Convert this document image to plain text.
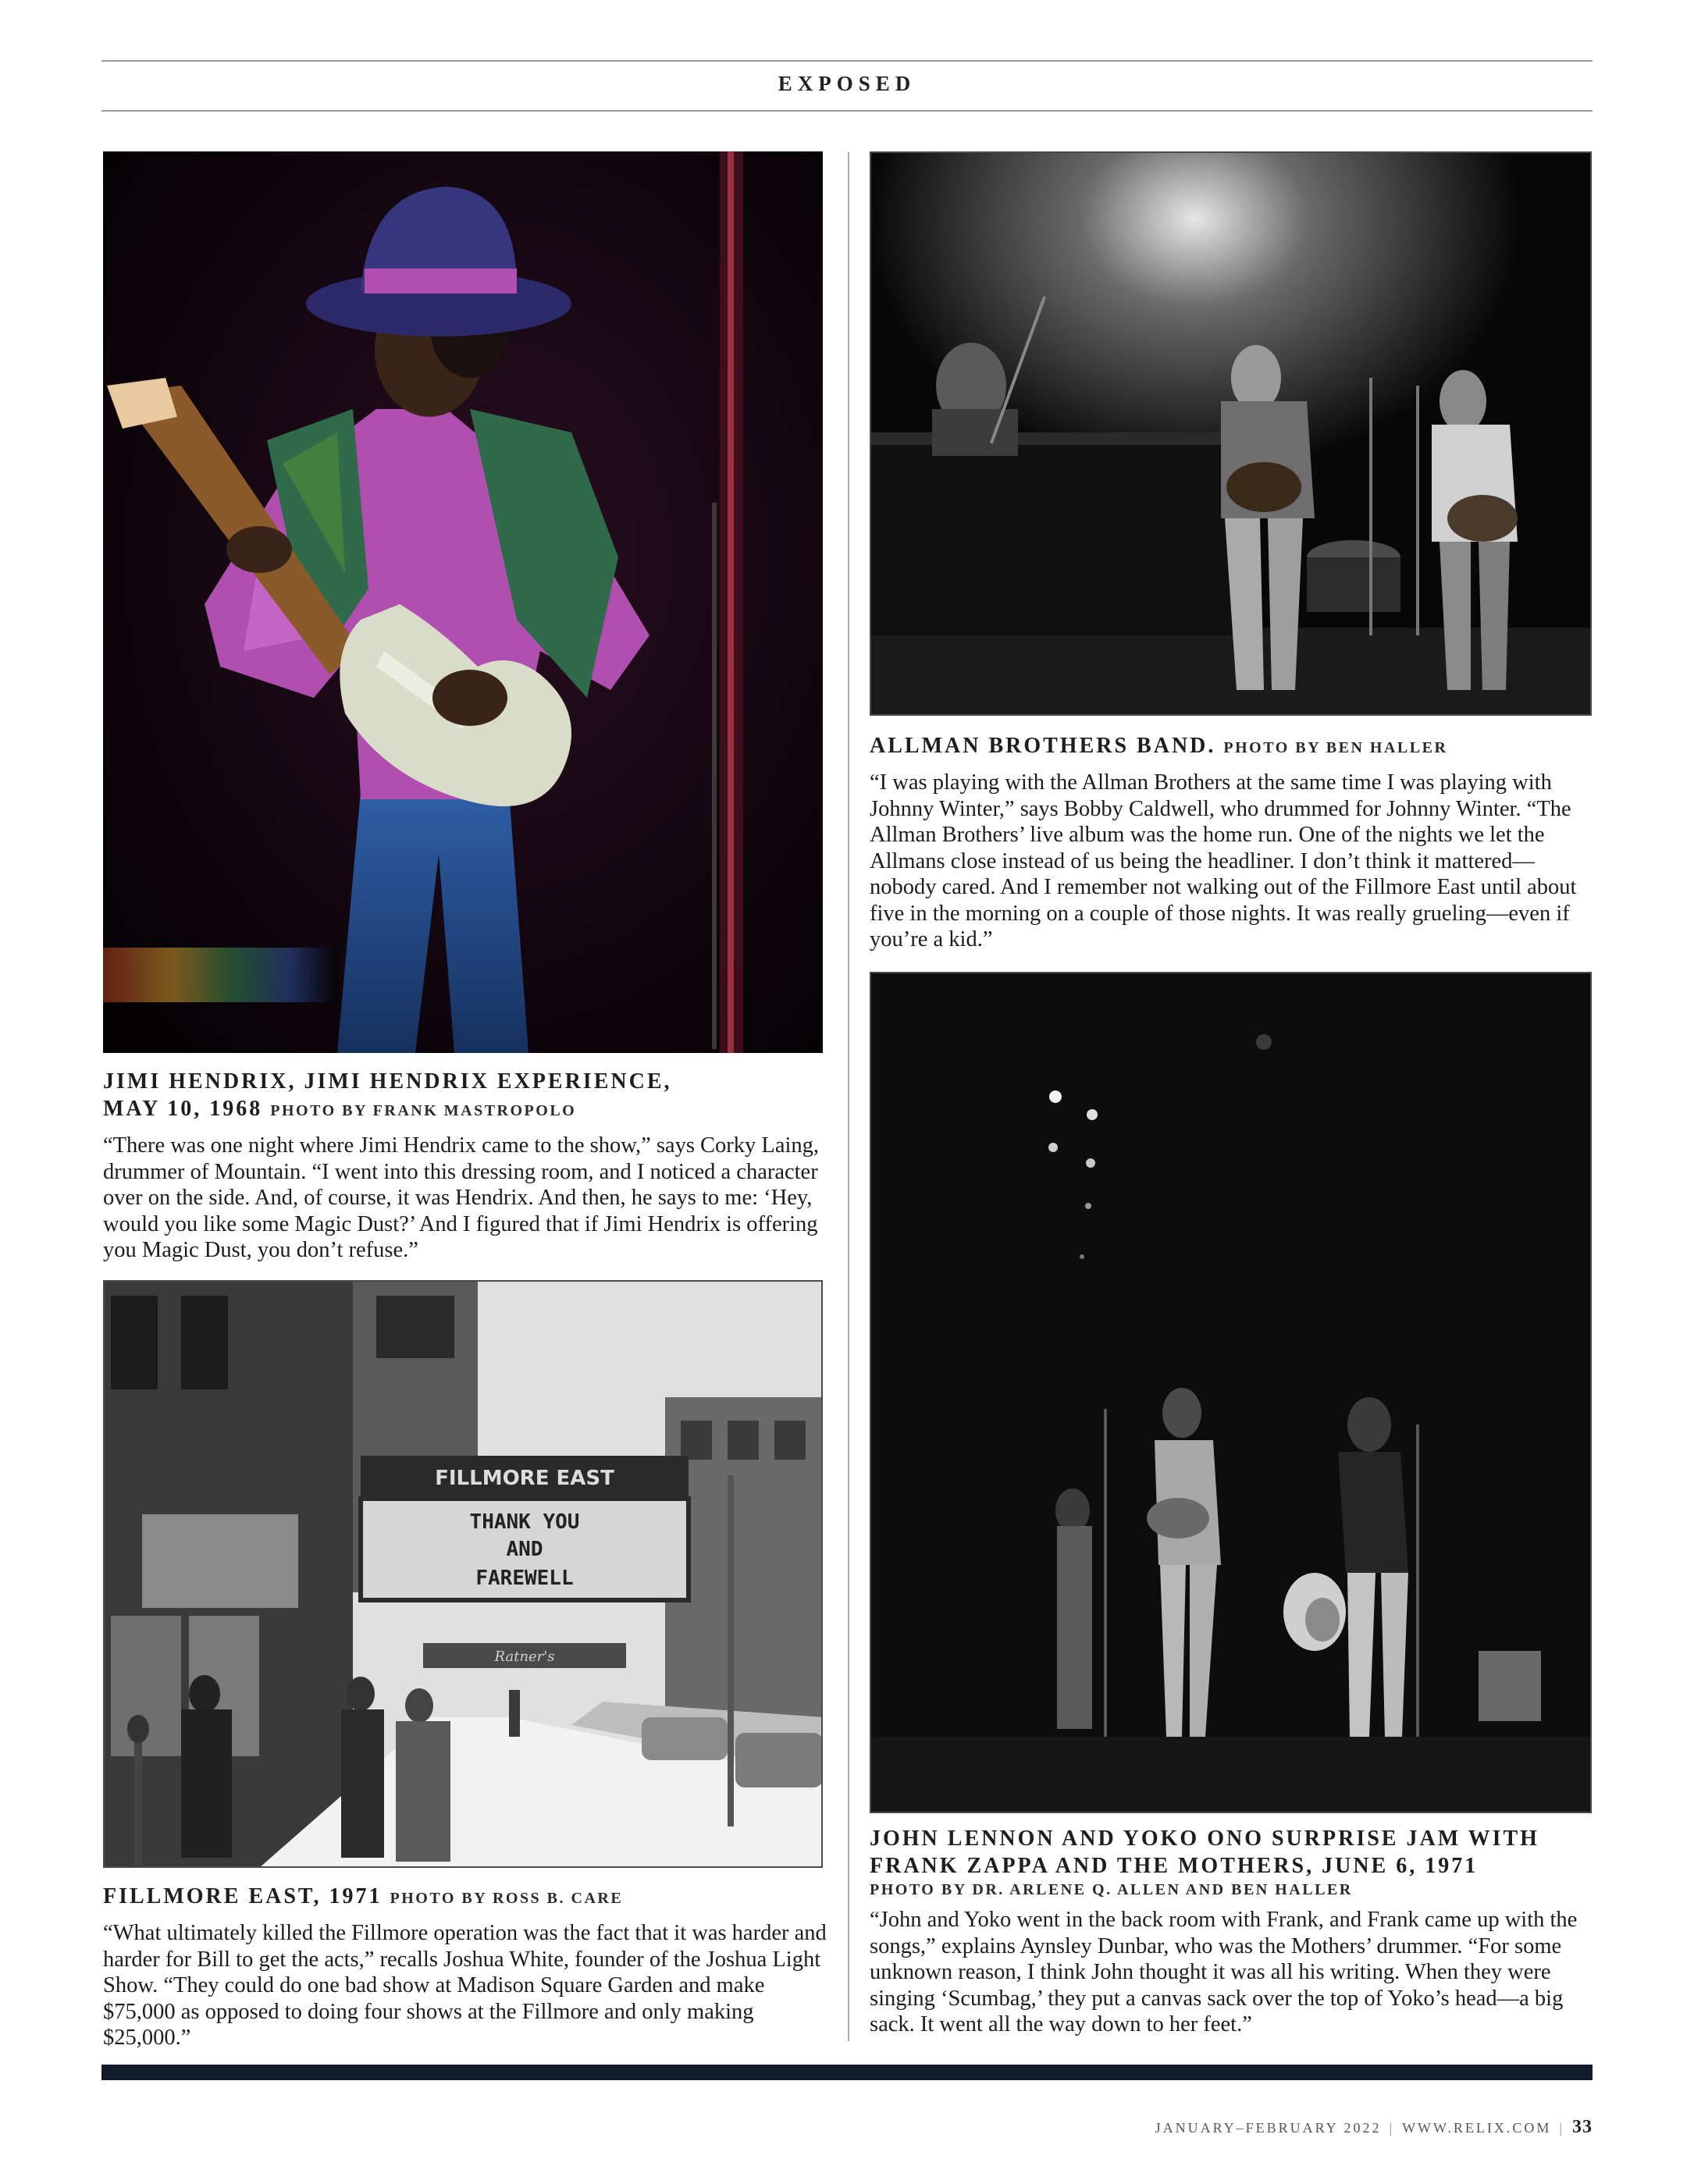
EXPOSED
JIMI HENDRIX, JIMI HENDRIX EXPERIENCE,
MAY 10, 1968 PHOTO BY FRANK MASTROPOLO
“There was one night where Jimi Hendrix came to the show,” says Corky Laing, drummer of Mountain. “I went into this dressing room, and I noticed a character over on the side. And, of course, it was Hendrix. And then, he says to me: ‘Hey, would you like some Magic Dust?’ And I figured that if Jimi Hendrix is offering you Magic Dust, you don’t refuse.”
ALLMAN BROTHERS BAND. PHOTO BY BEN HALLER
“I was playing with the Allman Brothers at the same time I was playing with Johnny Winter,” says Bobby Caldwell, who drummed for Johnny Winter. “The Allman Brothers’ live album was the home run. One of the nights we let the Allmans close instead of us being the headliner. I don’t think it mattered—nobody cared. And I remember not walking out of the Fillmore East until about five in the morning on a couple of those nights. It was really grueling—even if you’re a kid.”
FILLMORE EAST
THANK YOU
AND
FAREWELL
Ratner's
FILLMORE EAST, 1971 PHOTO BY ROSS B. CARE
“What ultimately killed the Fillmore operation was the fact that it was harder and harder for Bill to get the acts,” recalls Joshua White, founder of the Joshua Light Show. “They could do one bad show at Madison Square Garden and make $75,000 as opposed to doing four shows at the Fillmore and only making $25,000.”
JOHN LENNON AND YOKO ONO SURPRISE JAM WITH FRANK ZAPPA AND THE MOTHERS, JUNE 6, 1971
PHOTO BY DR. ARLENE Q. ALLEN AND BEN HALLER
“John and Yoko went in the back room with Frank, and Frank came up with the songs,” explains Aynsley Dunbar, who was the Mothers’ drummer. “For some unknown reason, I think John thought it was all his writing. When they were singing ‘Scumbag,’ they put a canvas sack over the top of Yoko’s head—a big sack. It went all the way down to her feet.”
JANUARY–FEBRUARY 2022 | WWW.RELIX.COM | 33
